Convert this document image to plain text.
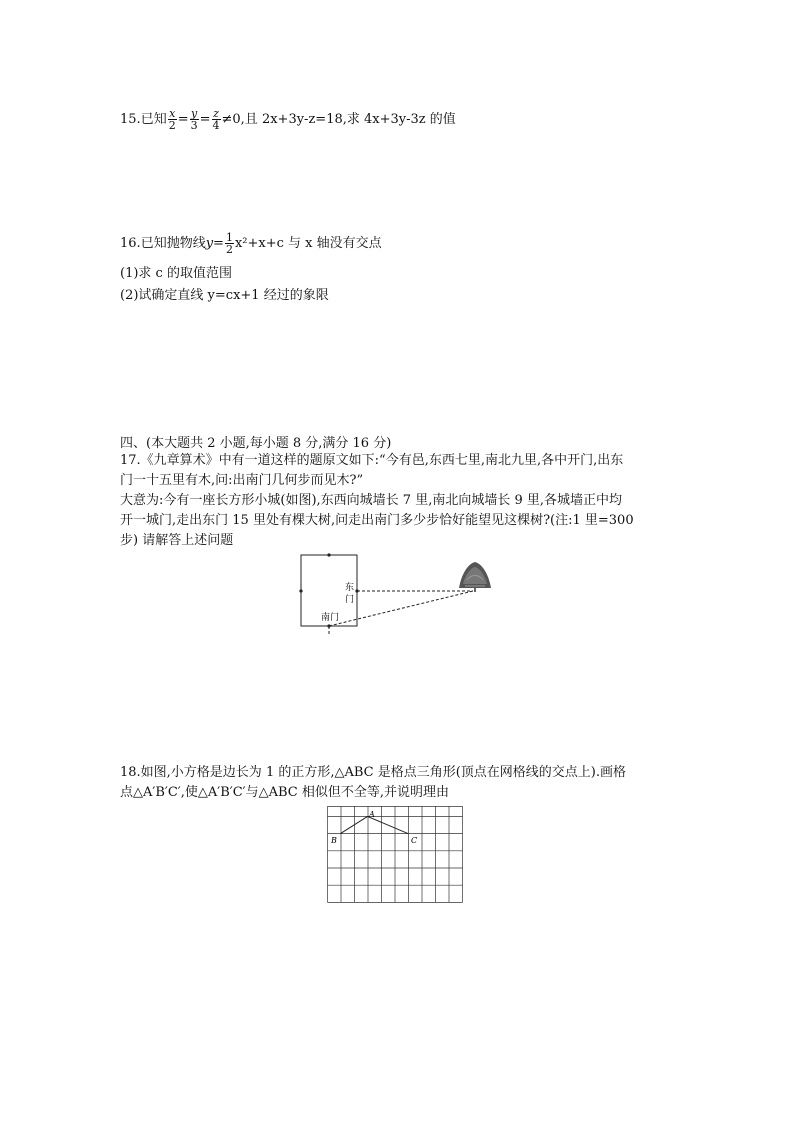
15.已知 $\frac{x}{2} = \frac{y}{3} = \frac{z}{4} \ne 0$,且 2x+3y-z=18,求 4x+3y-3z 的值
16.已知抛物线$y= \frac{1}{2} x^2+x+c$ 与 x 轴没有交点
(1)求 c 的取值范围
(2)试确定直线 y=cx+1 经过的象限
四、(本大题共 2 小题,每小题 8 分,满分 16 分)
17.《九章算术》中有一道这样的题原文如下:“今有邑,东西七里,南北九里,各中开门,出东
门一十五里有木,问:出南门几何步而见木?”
大意为:今有一座长方形小城(如图),东西向城墙长 7 里,南北向城墙长 9 里,各城墙正中均
开一城门,走出东门 15 里处有棵大树,问走出南门多少步恰好能望见这棵树?(注:1 里=300
步) 请解答上述问题
东
门
南门
18.如图,小方格是边长为 1 的正方形,△ABC 是格点三角形(顶点在网格线的交点上).画格
点△A′B′C′,使△A′B′C′与△ABC 相似但不全等,并说明理由
A
B	C
